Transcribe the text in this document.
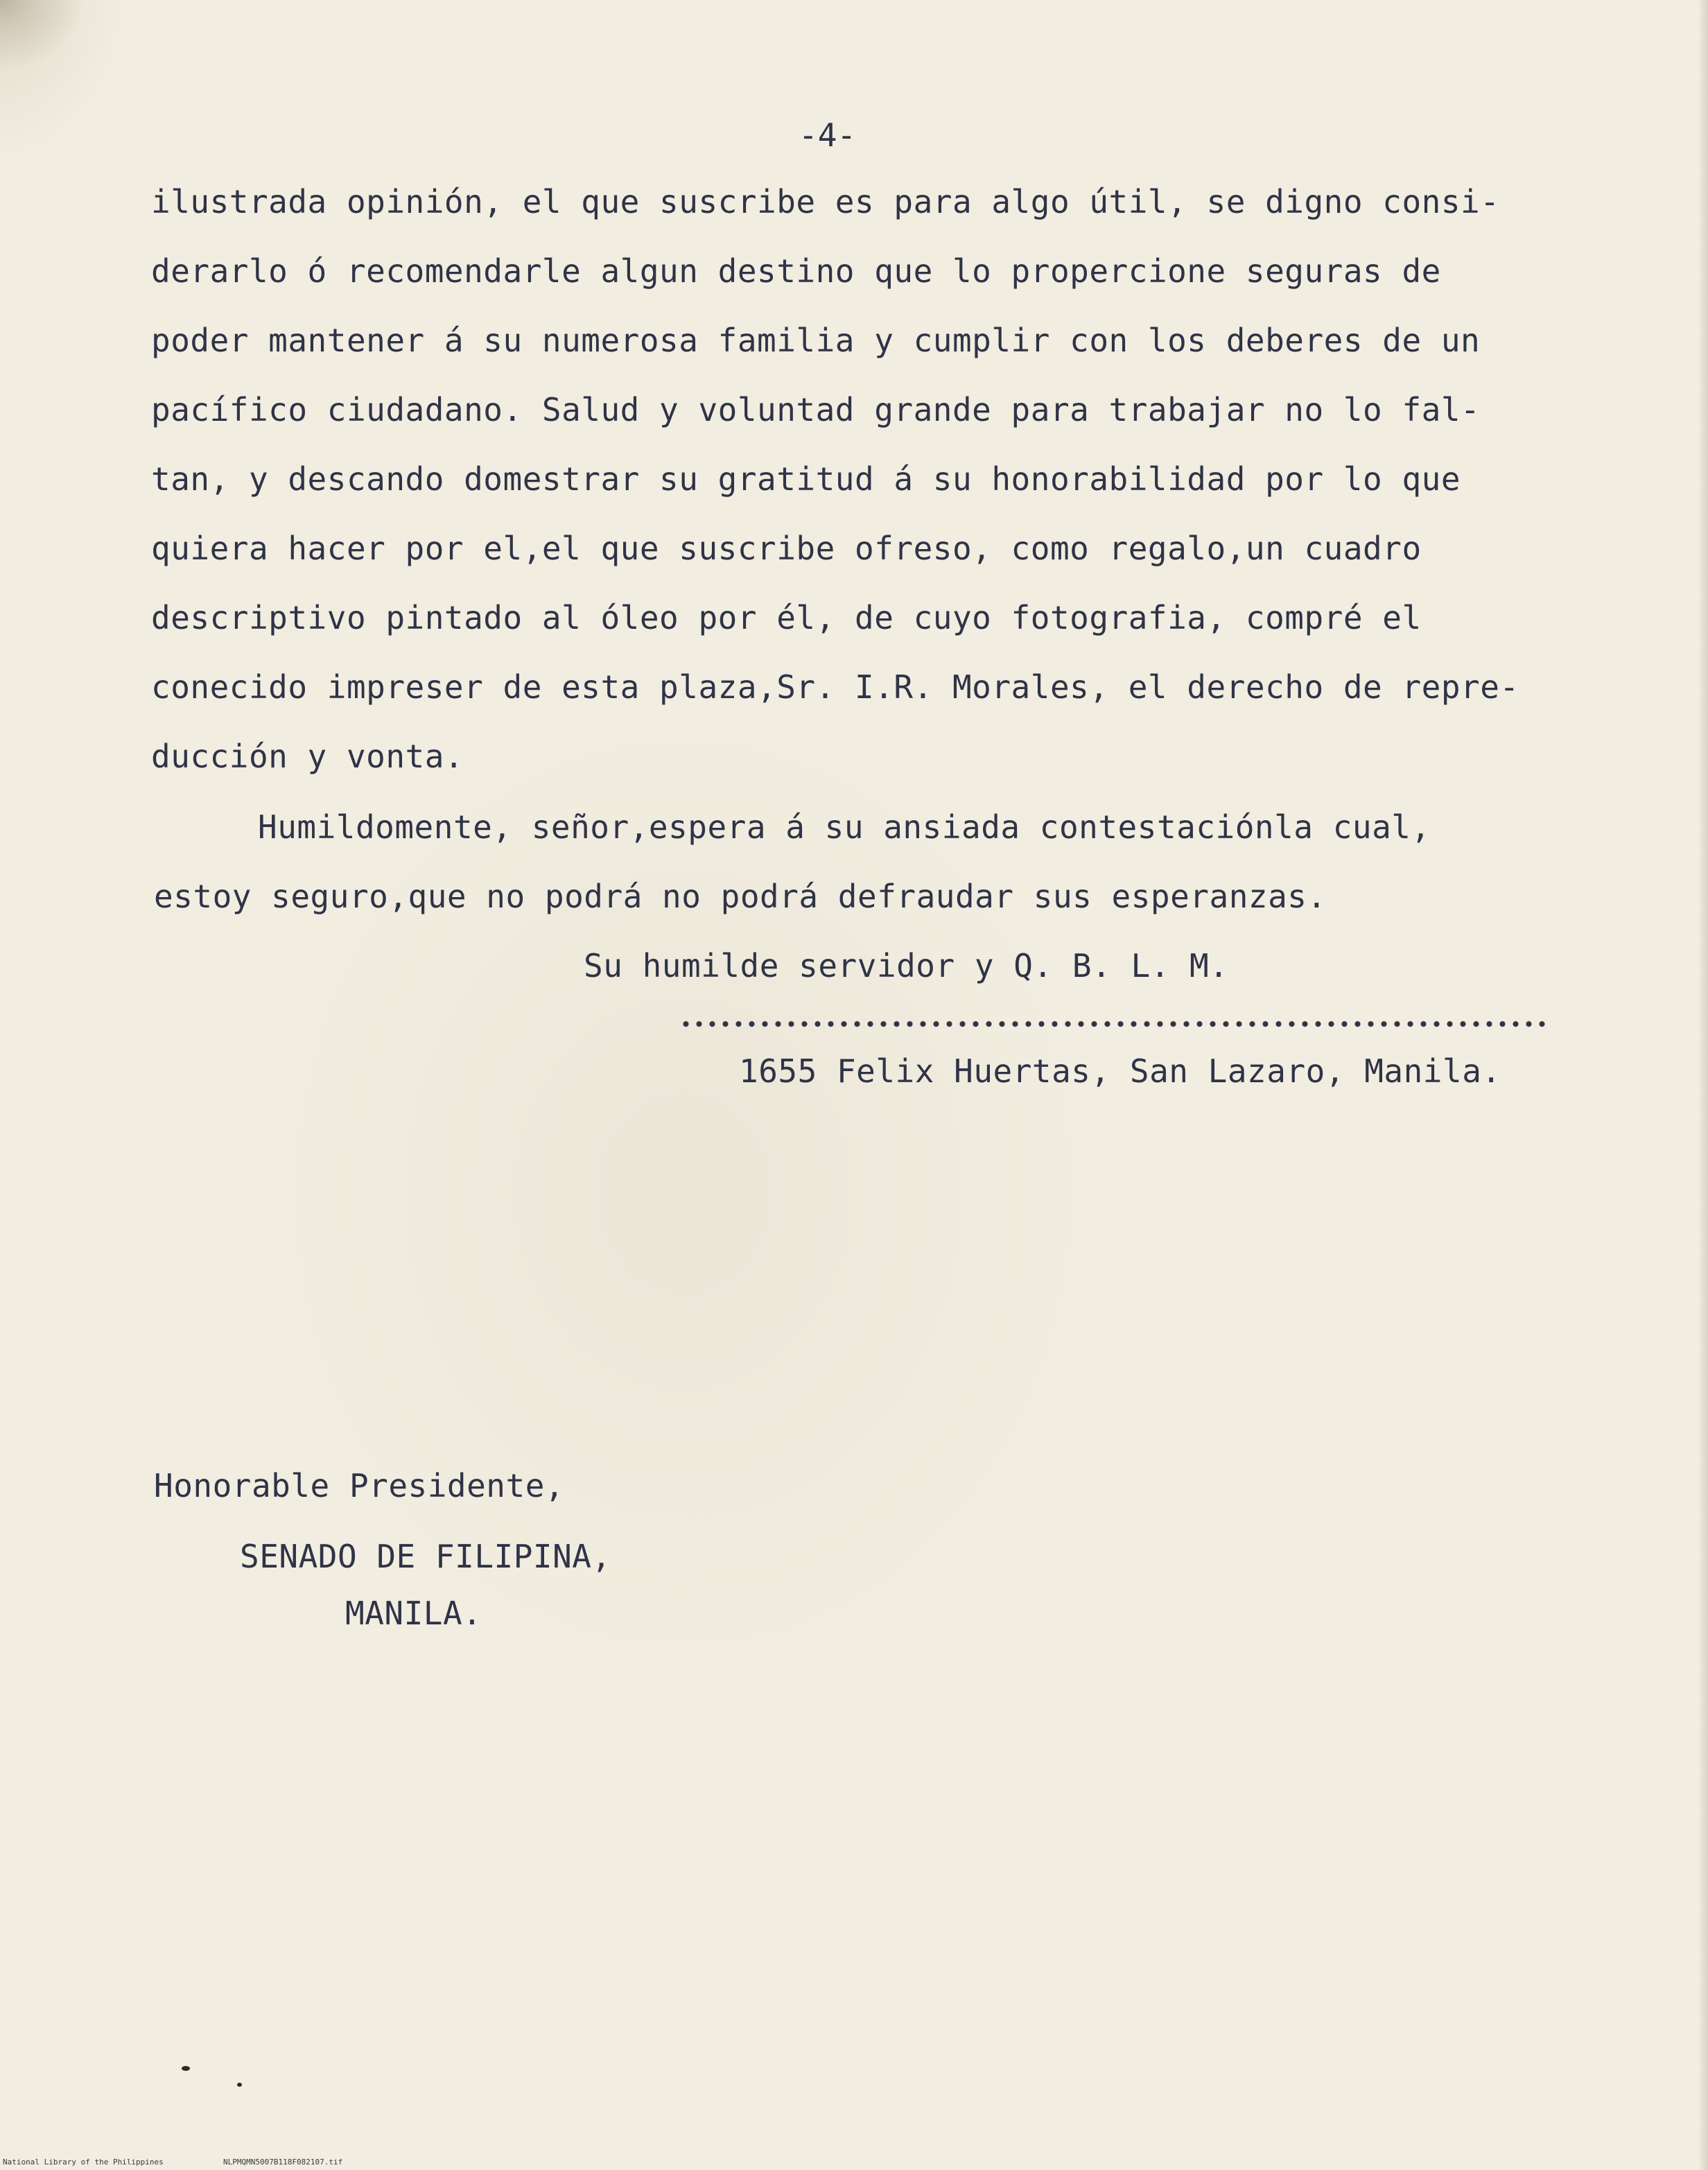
-4-

ilustrada opinión, el que suscribe es para algo útil, se digno consi-

derarlo ó recomendarle algun destino que lo propercione seguras de

poder mantener á su numerosa familia y cumplir con los deberes de un

pacífico ciudadano. Salud y voluntad grande para trabajar no lo fal-

tan, y descando domestrar su gratitud á su honorabilidad por lo que

quiera hacer por el,el que suscribe ofreso, como regalo,un cuadro

descriptivo pintado al óleo por él, de cuyo fotografia, compré el

conecido impreser de esta plaza,Sr. I.R. Morales, el derecho de repre-

ducción y vonta.

Humildomente, señor,espera á su ansiada contestaciónla cual,

estoy seguro,que no podrá no podrá defraudar sus esperanzas.

Su humilde servidor y Q. B. L. M.

1655 Felix Huertas, San Lazaro, Manila.

Honorable Presidente,

SENADO DE FILIPINA,

MANILA.

National Library of the Philippines	NLPMQMN5007B118F082107.tif
